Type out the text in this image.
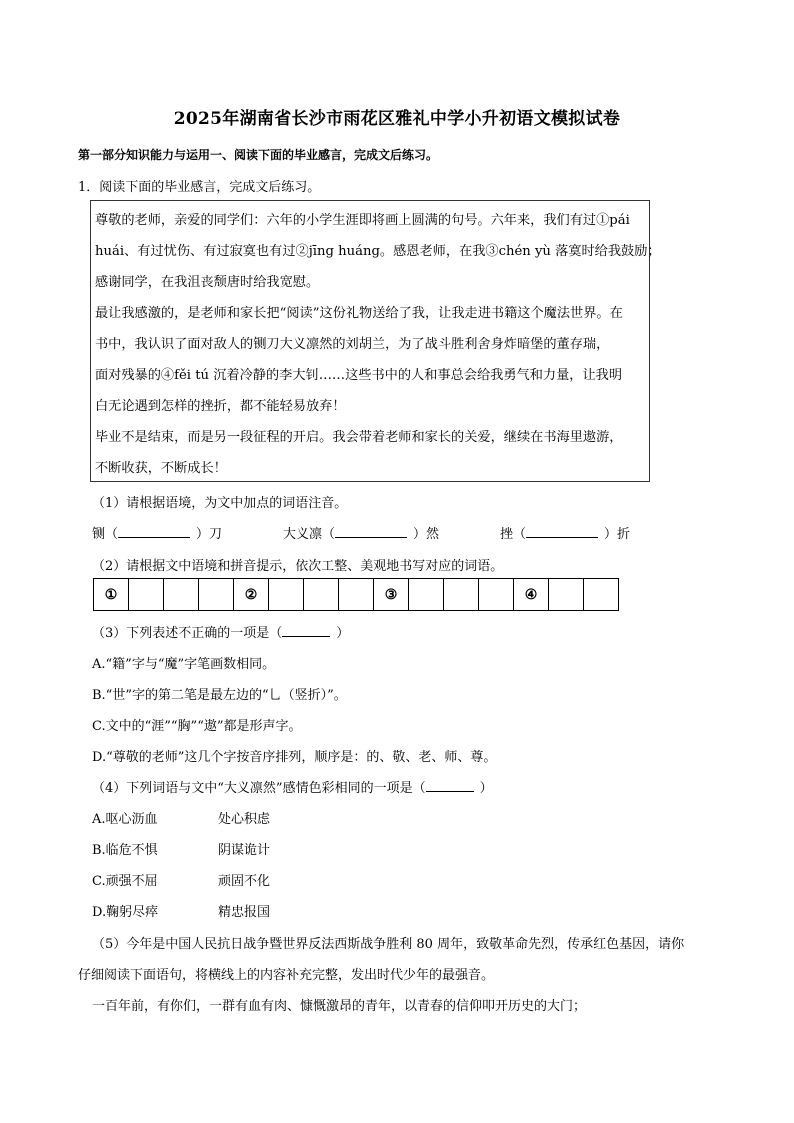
2025年湖南省长沙市雨花区雅礼中学小升初语文模拟试卷
第一部分知识能力与运用一、阅读下面的毕业感言，完成文后练习。
1．阅读下面的毕业感言，完成文后练习。
尊敬的老师，亲爱的同学们：六年的小学生涯即将画上圆满的句号。六年来，我们有过①pái
huái、有过忧伤、有过寂寞也有过②jīng huáng。感恩老师，在我③chén yù 落寞时给我鼓励；
感谢同学，在我沮丧颓唐时给我宽慰。
最让我感激的，是老师和家长把“阅读”这份礼物送给了我，让我走进书籍这个魔法世界。在
书中，我认识了面对敌人的铡刀大义凛然的刘胡兰，为了战斗胜利舍身炸暗堡的董存瑞，
面对残暴的④fěi tú 沉着冷静的李大钊……这些书中的人和事总会给我勇气和力量，让我明
白无论遇到怎样的挫折，都不能轻易放弃！
毕业不是结束，而是另一段征程的开启。我会带着老师和家长的关爱，继续在书海里遨游，
不断收获，不断成长！
（1）请根据语境，为文中加点的词语注音。
铡（	）刀	大义凛（	）然	挫（	）折
（2）请根据文中语境和拼音提示，依次工整、美观地书写对应的词语。
①	②	③	④
（3）下列表述不正确的一项是（	）
A.“籍”字与“魔”字笔画数相同。
B.“世”字的第二笔是最左边的“乚（竖折）”。
C.文中的“涯”“胸”“遨”都是形声字。
D.“尊敬的老师”这几个字按音序排列，顺序是：的、敬、老、师、尊。
（4）下列词语与文中“大义凛然”感情色彩相同的一项是（	）
A.呕心沥血	处心积虑
B.临危不惧	阴谋诡计
C.顽强不屈	顽固不化
D.鞠躬尽瘁	精忠报国
（5）今年是中国人民抗日战争暨世界反法西斯战争胜利 80 周年，致敬革命先烈，传承红色基因，请你
仔细阅读下面语句，将横线上的内容补充完整，发出时代少年的最强音。
一百年前，有你们，一群有血有肉、慷慨激昂的青年，以青春的信仰叩开历史的大门；
